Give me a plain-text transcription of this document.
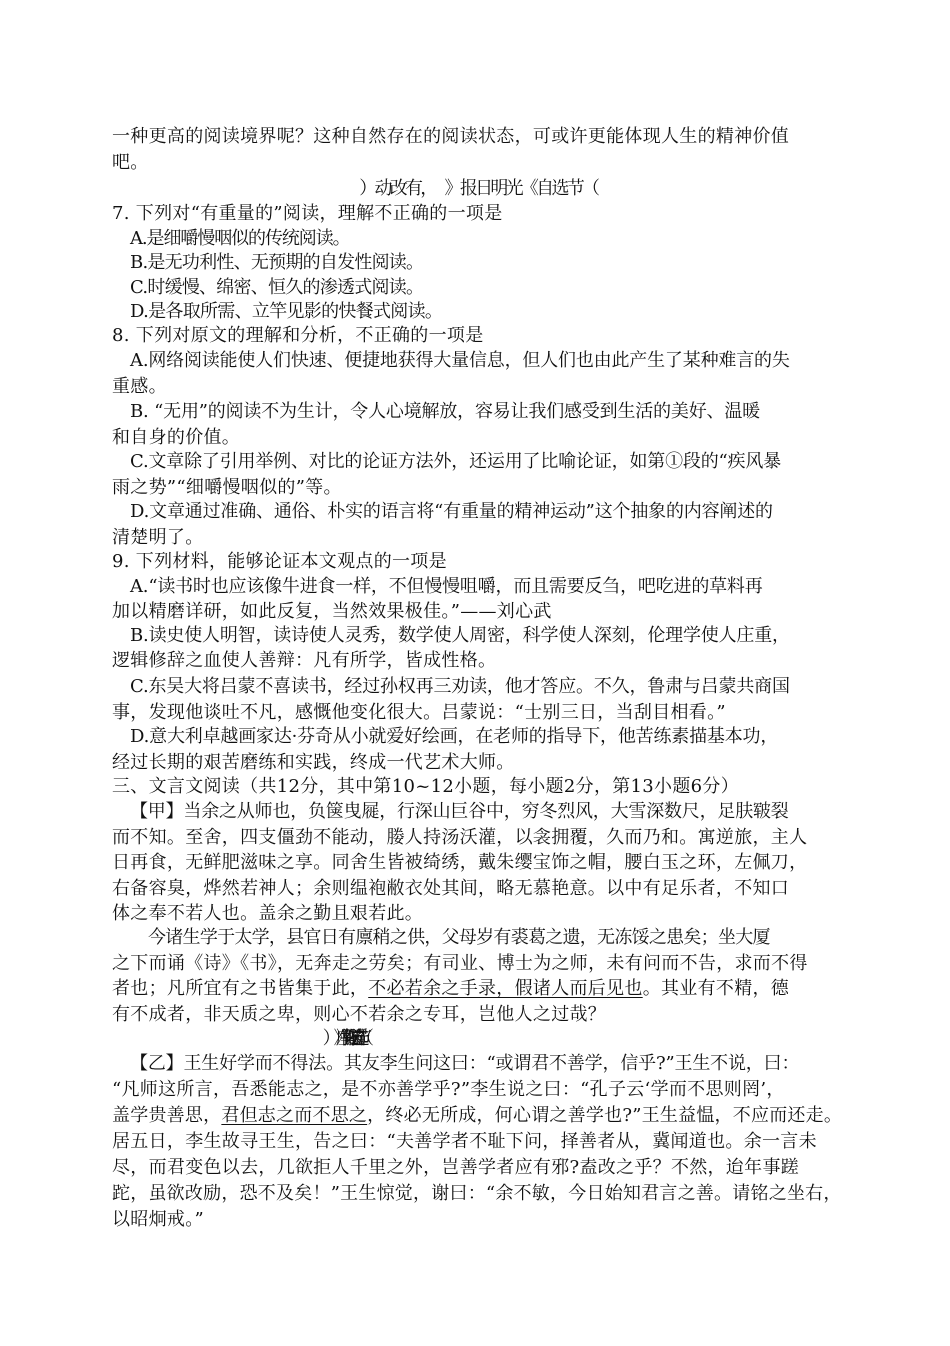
一种更高的阅读境界呢？这种自然存在的阅读状态，可或许更能体现人生的精神价值
吧。
7. 下列对“有重量的”阅读，理解不正确的一项是
A.是细嚼慢咽似的传统阅读。
B.是无功利性、无预期的自发性阅读。
C.时缓慢、绵密、恒久的渗透式阅读。
D.是各取所需、立竿见影的快餐式阅读。
8. 下列对原文的理解和分析，不正确的一项是
A.网络阅读能使人们快速、便捷地获得大量信息，但人们也由此产生了某种难言的失
重感。
B. “无用”的阅读不为生计，令人心境解放，容易让我们感受到生活的美好、温暖
和自身的价值。
C.文章除了引用举例、对比的论证方法外，还运用了比喻论证，如第①段的“疾风暴
雨之势”“细嚼慢咽似的”等。
D.文章通过准确、通俗、朴实的语言将“有重量的精神运动”这个抽象的内容阐述的
清楚明了。
9. 下列材料，能够论证本文观点的一项是
A.“读书时也应该像牛进食一样，不但慢慢咀嚼，而且需要反刍，吧吃进的草料再
加以精磨详研，如此反复，当然效果极佳。”——刘心武
B.读史使人明智，读诗使人灵秀，数学使人周密，科学使人深刻，伦理学使人庄重，
逻辑修辞之血使人善辩：凡有所学，皆成性格。
C.东吴大将吕蒙不喜读书，经过孙权再三劝读，他才答应。不久，鲁肃与吕蒙共商国
事，发现他谈吐不凡，感慨他变化很大。吕蒙说：“士别三日，当刮目相看。”
D.意大利卓越画家达·芬奇从小就爱好绘画，在老师的指导下，他苦练素描基本功，
经过长期的艰苦磨练和实践，终成一代艺术大师。
三、文言文阅读（共12分，其中第10~12小题，每小题2分，第13小题6分）
【甲】当余之从师也，负箧曳屣，行深山巨谷中，穷冬烈风，大雪深数尺，足肤皲裂
而不知。至舍，四支僵劲不能动，媵人持汤沃灌，以衾拥覆，久而乃和。寓逆旅，主人
日再食，无鲜肥滋味之享。同舍生皆被绮绣，戴朱缨宝饰之帽，腰白玉之环，左佩刀，
右备容臭，烨然若神人；余则缊袍敝衣处其间，略无慕艳意。以中有足乐者，不知口
体之奉不若人也。盖余之勤且艰若此。
今诸生学于太学，县官日有廪稍之供，父母岁有裘葛之遗，无冻馁之患矣；坐大厦
之下而诵《诗》《书》，无奔走之劳矣；有司业、博士为之师，未有问而不告，求而不得
者也；凡所宜有之书皆集于此，不必若余之手录，假诸人而后见也。其业有不精，德
有不成者，非天质之卑，则心不若余之专耳，岂他人之过哉？
【乙】王生好学而不得法。其友李生问这曰：“或谓君不善学，信乎?”王生不说，曰：
“凡师这所言，吾悉能志之，是不亦善学乎?”李生说之曰：“孔子云‘学而不思则罔’，
盖学贵善思，君但志之而不思之，终必无所成，何心谓之善学也?”王生益愠，不应而还走。
居五日，李生故寻王生，告之曰：“夫善学者不耻下问，择善者从，冀闻道也。余一言未
尽，而君变色以去，几欲拒人千里之外，岂善学者应有邪?盍改之乎？不然，迨年事蹉
跎，虽欲改励，恐不及矣！”王生惊觉，谢曰：“余不敏，今日始知君言之善。请铭之坐右，
以昭炯戒。”
